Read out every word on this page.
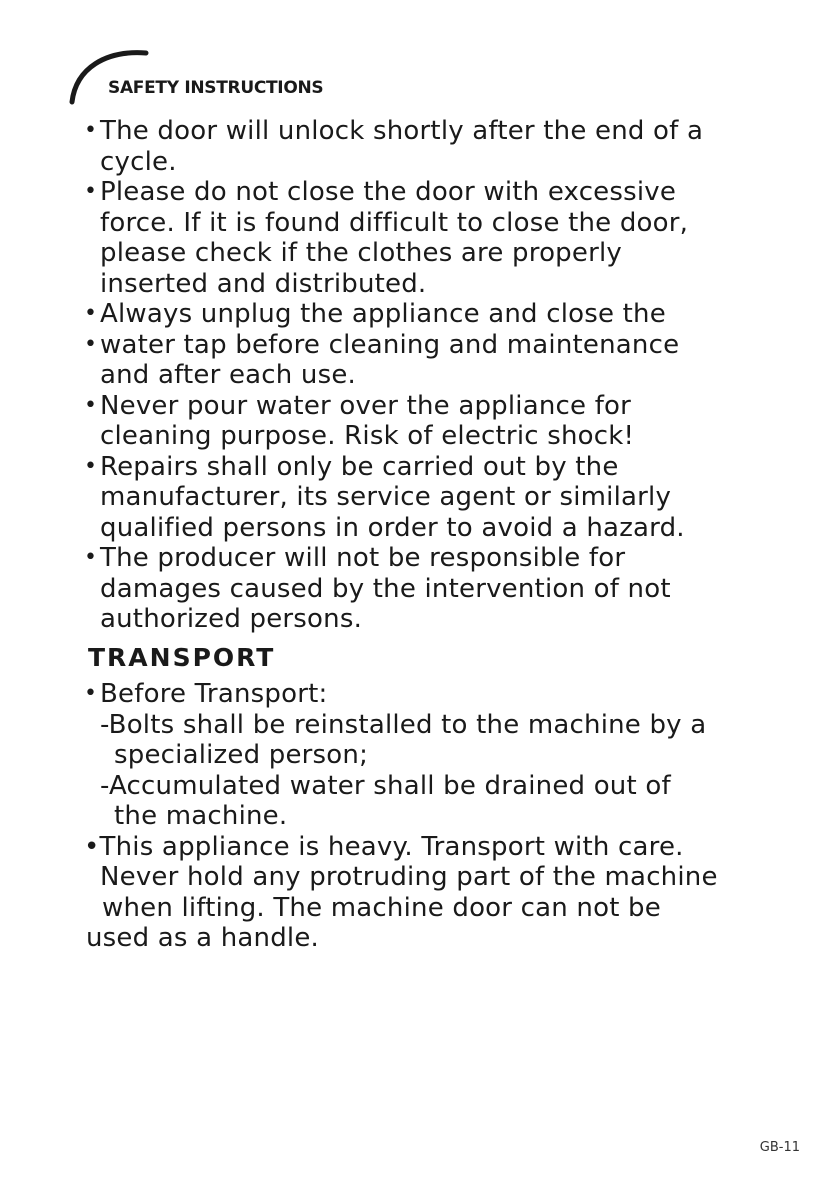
SAFETY INSTRUCTIONS
• The door will unlock shortly after the end of a
cycle.
• Please do not close the door with excessive
force. If it is found difficult to close the door,
please check if the clothes are properly
inserted and distributed.
• Always unplug the appliance and close the
• water tap before cleaning and maintenance
and after each use.
• Never pour water over the appliance for
cleaning purpose. Risk of electric shock!
• Repairs shall only be carried out by the
manufacturer, its service agent or similarly
qualified persons in order to avoid a hazard.
• The producer will not be responsible for
damages caused by the intervention of not
authorized persons.
TRANSPORT
• Before Transport:
-Bolts shall be reinstalled to the machine by a
specialized person;
-Accumulated water shall be drained out of
the machine.
•This appliance is heavy. Transport with care.
Never hold any protruding part of the machine
when lifting. The machine door can not be
used as a handle.
GB-11
